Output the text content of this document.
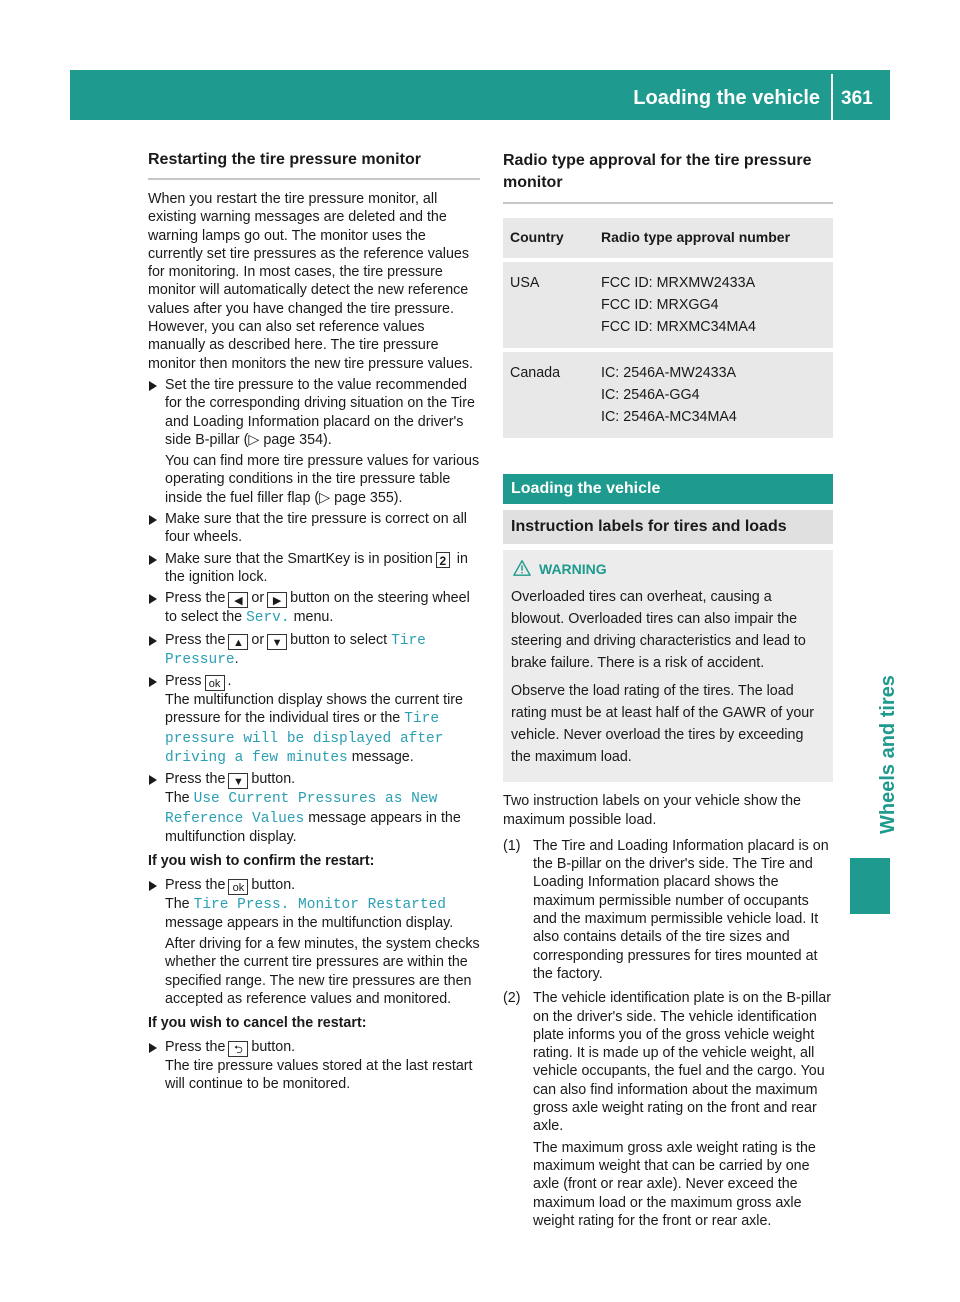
Loading the vehicle 361
Wheels and tires
Restarting the tire pressure monitor

When you restart the tire pressure monitor, all existing warning messages are deleted and the warning lamps go out. The monitor uses the currently set tire pressures as the reference values for monitoring. In most cases, the tire pressure monitor will automatically detect the new reference values after you have changed the tire pressure. However, you can also set reference values manually as described here. The tire pressure monitor then monitors the new tire pressure values.

Set the tire pressure to the value recommended for the corresponding driving situation on the Tire and Loading Information placard on the driver's side B-pillar (▷ page 354).
You can find more tire pressure values for various operating conditions in the tire pressure table inside the fuel filler flap (▷ page 355).
Make sure that the tire pressure is correct on all four wheels.
Make sure that the SmartKey is in position 2 in the ignition lock.
Press the ◀ or ▶ button on the steering wheel to select the Serv. menu.
Press the ▲ or ▼ button to select Tire Pressure.
Press ok .
The multifunction display shows the current tire pressure for the individual tires or the Tire pressure will be displayed after driving a few minutes message.
Press the ▼ button.
The Use Current Pressures as New Reference Values message appears in the multifunction display.
If you wish to confirm the restart:
Press the ok button.
The Tire Press. Monitor Restarted message appears in the multifunction display.
After driving for a few minutes, the system checks whether the current tire pressures are within the specified range. The new tire pressures are then accepted as reference values and monitored.
If you wish to cancel the restart:
Press the ⮌ button.
The tire pressure values stored at the last restart will continue to be monitored.
Radio type approval for the tire pressure monitor
Country	Radio type approval number
USA	FCC ID: MRXMW2433A
FCC ID: MRXGG4
FCC ID: MRXMC34MA4

Canada	IC: 2546A-MW2433A
IC: 2546A-GG4
IC: 2546A-MC34MA4
Loading the vehicle
Instruction labels for tires and loads
WARNING

Overloaded tires can overheat, causing a blowout. Overloaded tires can also impair the steering and driving characteristics and lead to brake failure. There is a risk of accident.

Observe the load rating of the tires. The load rating must be at least half of the GAWR of your vehicle. Never overload the tires by exceeding the maximum load.

Two instruction labels on your vehicle show the maximum possible load.

(1) The Tire and Loading Information placard is on the B-pillar on the driver's side. The Tire and Loading Information placard shows the maximum permissible number of occupants and the maximum permissible vehicle load. It also contains details of the tire sizes and corresponding pressures for tires mounted at the factory.
(2) The vehicle identification plate is on the B-pillar on the driver's side. The vehicle identification plate informs you of the gross vehicle weight rating. It is made up of the vehicle weight, all vehicle occupants, the fuel and the cargo. You can also find information about the maximum gross axle weight rating on the front and rear axle.
The maximum gross axle weight rating is the maximum weight that can be carried by one axle (front or rear axle). Never exceed the maximum load or the maximum gross axle weight rating for the front or rear axle.
